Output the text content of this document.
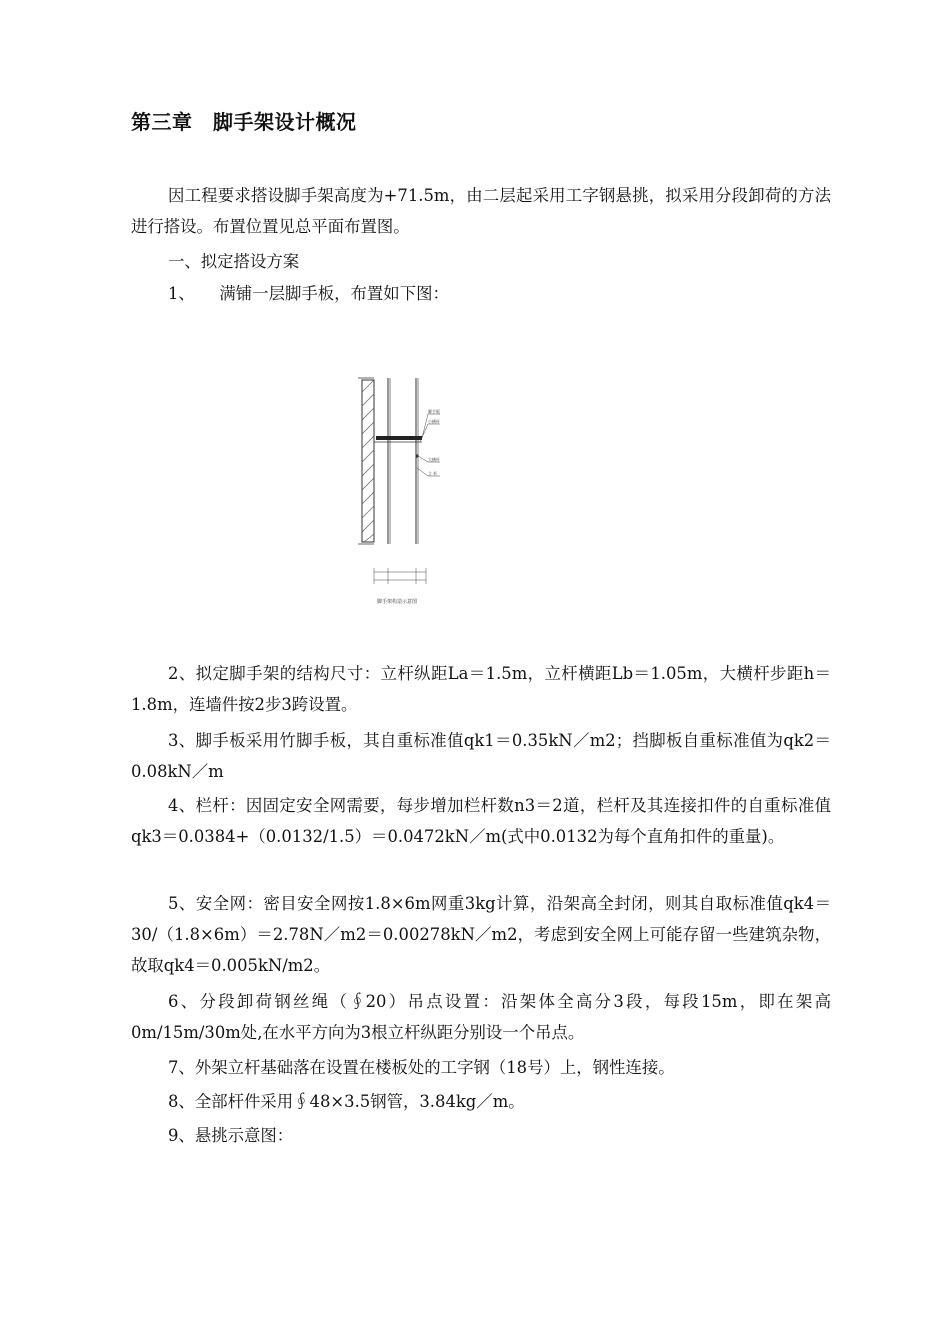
第三章　脚手架设计概况
因工程要求搭设脚手架高度为+71.5m，由二层起采用工字钢悬挑，拟采用分段卸荷的方法进行搭设。布置位置见总平面布置图。
一、拟定搭设方案
1、　　满铺一层脚手板，布置如下图：
脚手板
小横杆
大横杆
立 杆
脚手架构造示意图
2、拟定脚手架的结构尺寸：立杆纵距La＝1.5m，立杆横距Lb＝1.05m，大横杆步距h＝1.8m，连墙件按2步3跨设置。
3、脚手板采用竹脚手板，其自重标准值qk1＝0.35kN／m2；挡脚板自重标准值为qk2＝0.08kN／m
4、栏杆：因固定安全网需要，每步增加栏杆数n3＝2道，栏杆及其连接扣件的自重标准值qk3＝0.0384+（0.0132/1.5）＝0.0472kN／m(式中0.0132为每个直角扣件的重量)。
5、安全网：密目安全网按1.8×6m网重3kg计算，沿架高全封闭，则其自取标准值qk4＝30/（1.8×6m）＝2.78N／m2＝0.00278kN／m2，考虑到安全网上可能存留一些建筑杂物，故取qk4＝0.005kN/m2。
6、分段卸荷钢丝绳（∮20）吊点设置：沿架体全高分3段，每段15m，即在架高0m/15m/30m处,在水平方向为3根立杆纵距分别设一个吊点。
7、外架立杆基础落在设置在楼板处的工字钢（18号）上，钢性连接。
8、全部杆件采用∮48×3.5钢管，3.84kg／m。
9、悬挑示意图：
